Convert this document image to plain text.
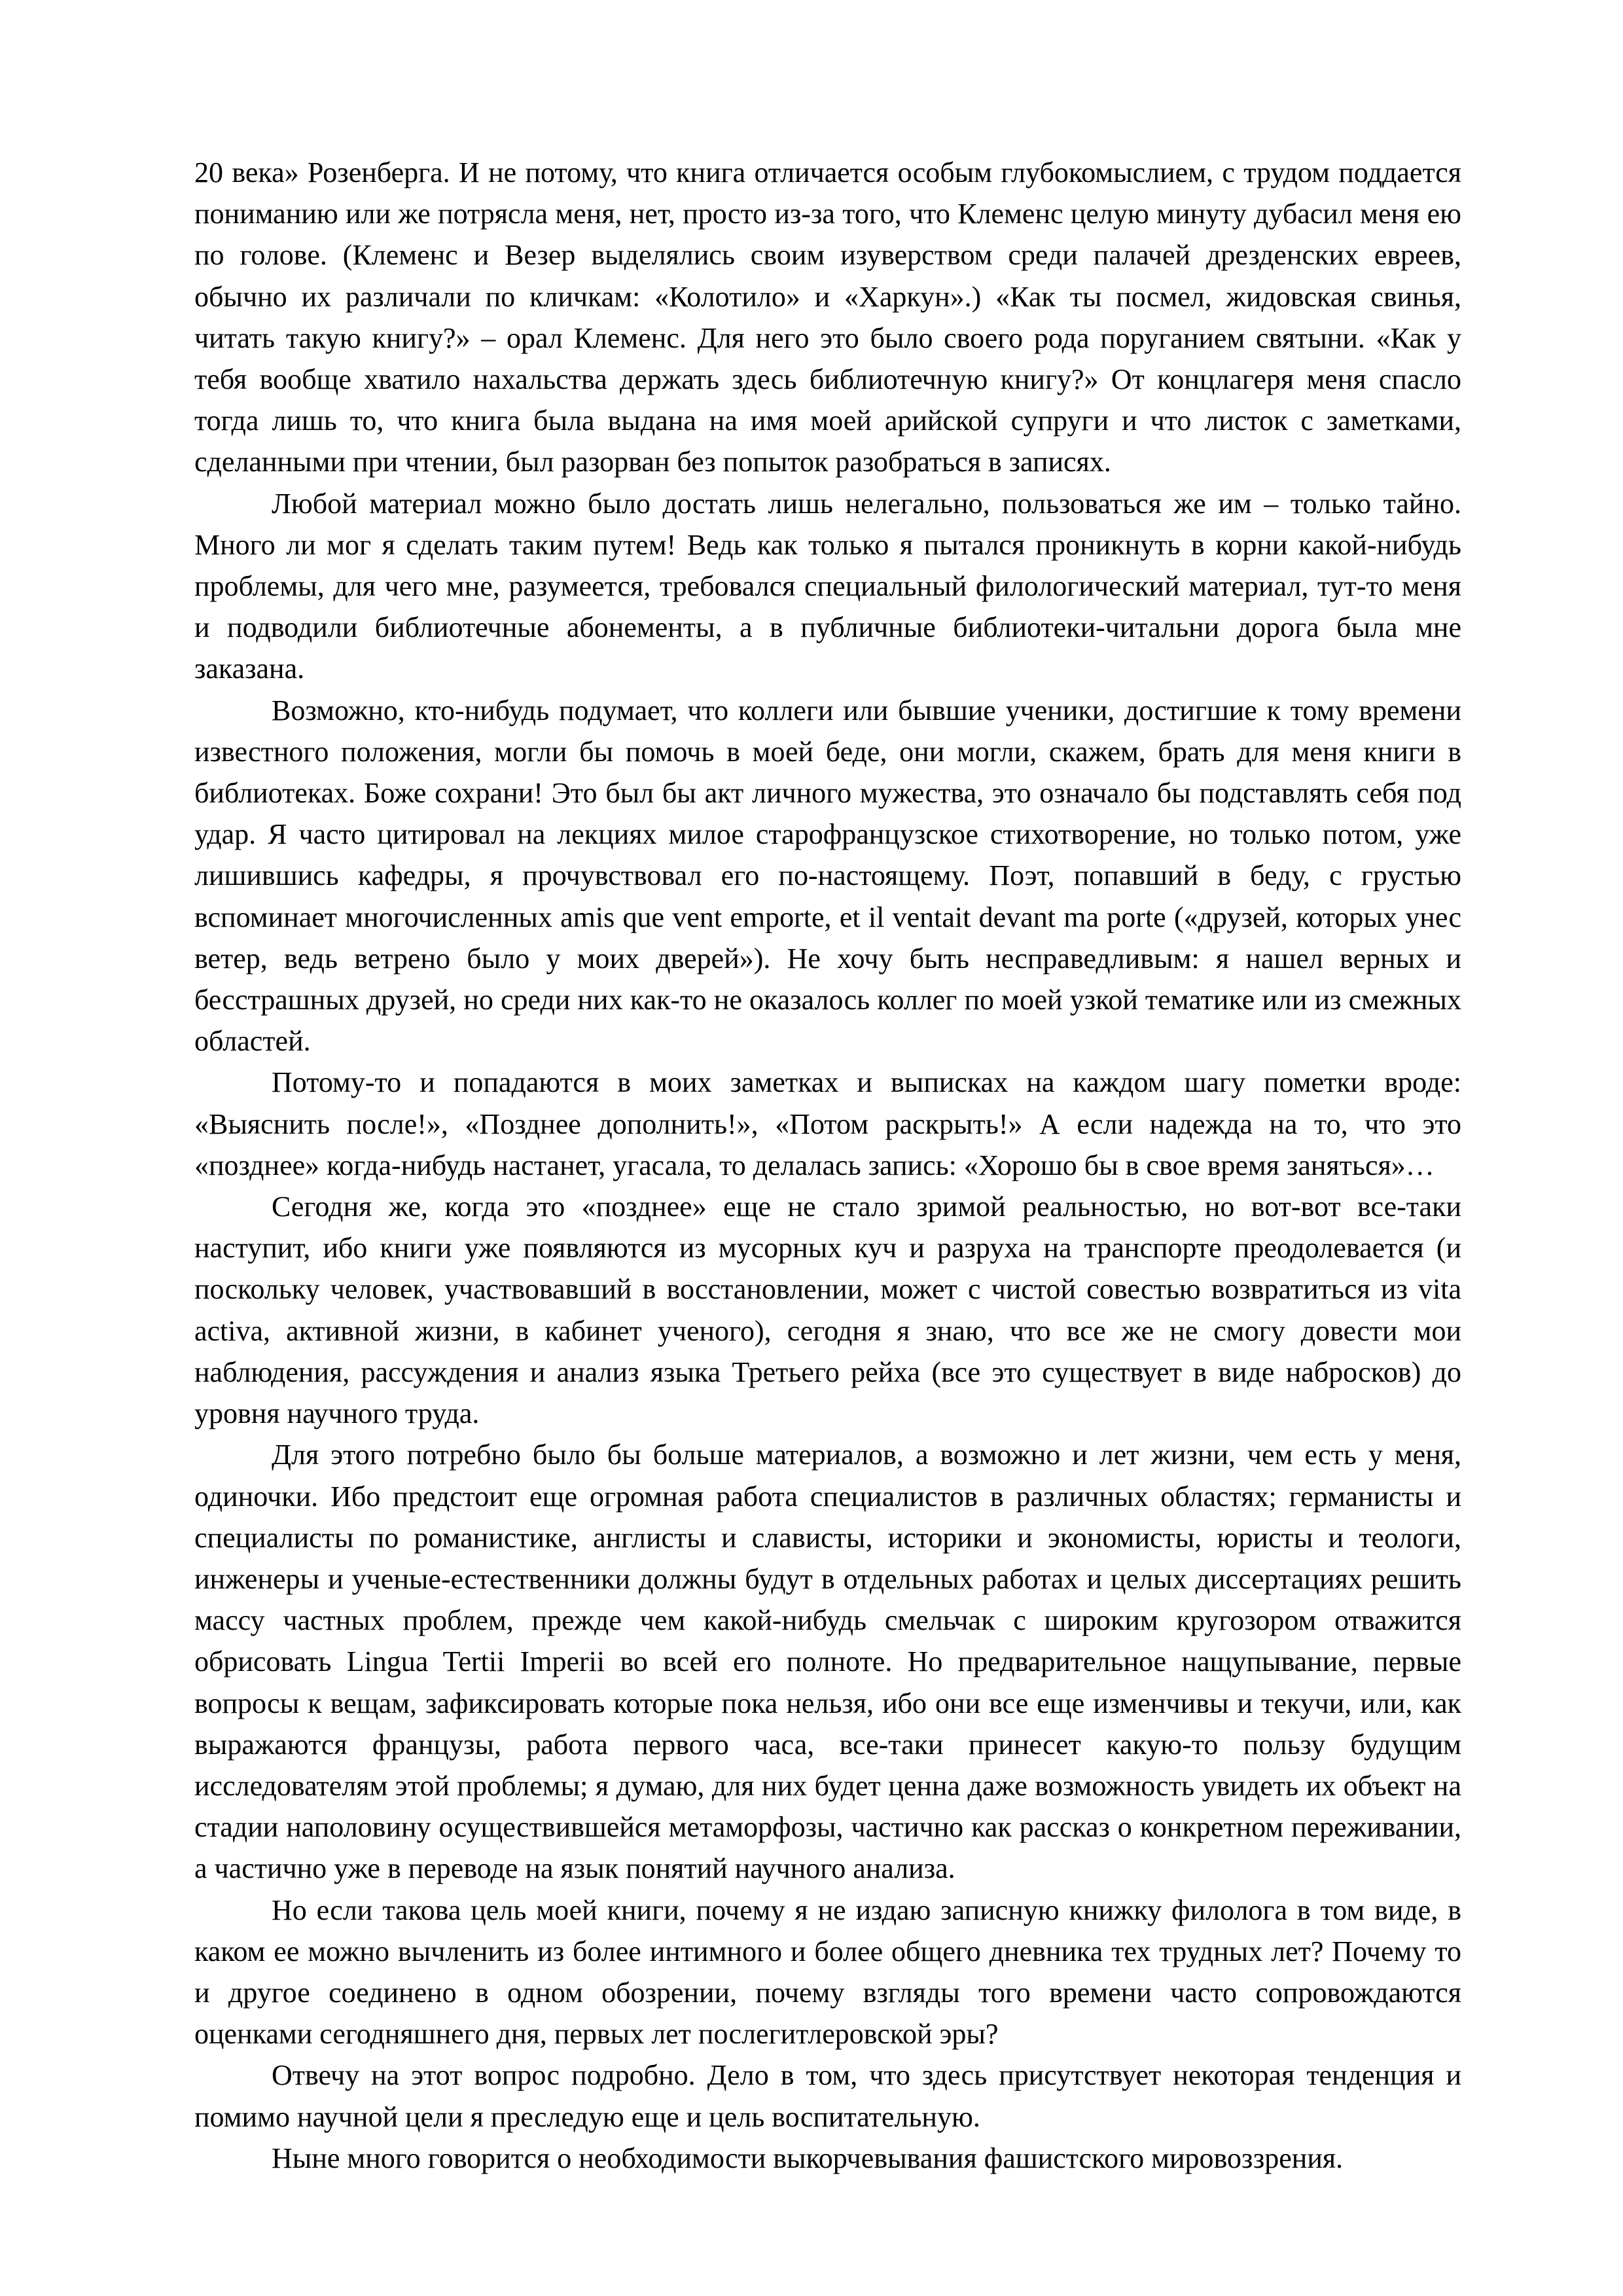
20 века» Розенберга. И не потому, что книга отличается особым глубокомыслием, с трудом поддается пониманию или же потрясла меня, нет, просто из-за того, что Клеменс целую минуту дубасил меня ею по голове. (Клеменс и Везер выделялись своим изуверством среди палачей дрезденских евреев, обычно их различали по кличкам: «Колотило» и «Харкун».) «Как ты посмел, жидовская свинья, читать такую книгу?» – орал Клеменс. Для него это было своего рода поруганием святыни. «Как у тебя вообще хватило нахальства держать здесь библиотечную книгу?» От концлагеря меня спасло тогда лишь то, что книга была выдана на имя моей арийской супруги и что листок с заметками, сделанными при чтении, был разорван без попыток разобраться в записях.

Любой материал можно было достать лишь нелегально, пользоваться же им – только тайно. Много ли мог я сделать таким путем! Ведь как только я пытался проникнуть в корни какой-нибудь проблемы, для чего мне, разумеется, требовался специальный филологический материал, тут-то меня и подводили библиотечные абонементы, а в публичные библиотеки-читальни дорога была мне заказана.

Возможно, кто-нибудь подумает, что коллеги или бывшие ученики, достигшие к тому времени известного положения, могли бы помочь в моей беде, они могли, скажем, брать для меня книги в библиотеках. Боже сохрани! Это был бы акт личного мужества, это означало бы подставлять себя под удар. Я часто цитировал на лекциях милое старофранцузское стихотворение, но только потом, уже лишившись кафедры, я прочувствовал его по-настоящему. Поэт, попавший в беду, с грустью вспоминает многочисленных amis que vent emporte, et il ventait devant ma porte («друзей, которых унес ветер, ведь ветрено было у моих дверей»). Не хочу быть несправедливым: я нашел верных и бесстрашных друзей, но среди них как-то не оказалось коллег по моей узкой тематике или из смежных областей.

Потому-то и попадаются в моих заметках и выписках на каждом шагу пометки вроде: «Выяснить после!», «Позднее дополнить!», «Потом раскрыть!» А если надежда на то, что это «позднее» когда-нибудь настанет, угасала, то делалась запись: «Хорошо бы в свое время заняться»…

Сегодня же, когда это «позднее» еще не стало зримой реальностью, но вот-вот все-таки наступит, ибо книги уже появляются из мусорных куч и разруха на транспорте преодолевается (и поскольку человек, участвовавший в восстановлении, может с чистой совестью возвратиться из vita activa, активной жизни, в кабинет ученого), сегодня я знаю, что все же не смогу довести мои наблюдения, рассуждения и анализ языка Третьего рейха (все это существует в виде набросков) до уровня научного труда.

Для этого потребно было бы больше материалов, а возможно и лет жизни, чем есть у меня, одиночки. Ибо предстоит еще огромная работа специалистов в различных областях; германисты и специалисты по романистике, англисты и слависты, историки и экономисты, юристы и теологи, инженеры и ученые-естественники должны будут в отдельных работах и целых диссертациях решить массу частных проблем, прежде чем какой-нибудь смельчак с широким кругозором отважится обрисовать Lingua Tertii Imperii во всей его полноте. Но предварительное нащупывание, первые вопросы к вещам, зафиксировать которые пока нельзя, ибо они все еще изменчивы и текучи, или, как выражаются французы, работа первого часа, все-таки принесет какую-то пользу будущим исследователям этой проблемы; я думаю, для них будет ценна даже возможность увидеть их объект на стадии наполовину осуществившейся метаморфозы, частично как рассказ о конкретном переживании, а частично уже в переводе на язык понятий научного анализа.

Но если такова цель моей книги, почему я не издаю записную книжку филолога в том виде, в каком ее можно вычленить из более интимного и более общего дневника тех трудных лет? Почему то и другое соединено в одном обозрении, почему взгляды того времени часто сопровождаются оценками сегодняшнего дня, первых лет послегитлеровской эры?

Отвечу на этот вопрос подробно. Дело в том, что здесь присутствует некоторая тенденция и помимо научной цели я преследую еще и цель воспитательную.

Ныне много говорится о необходимости выкорчевывания фашистского мировоззрения.
